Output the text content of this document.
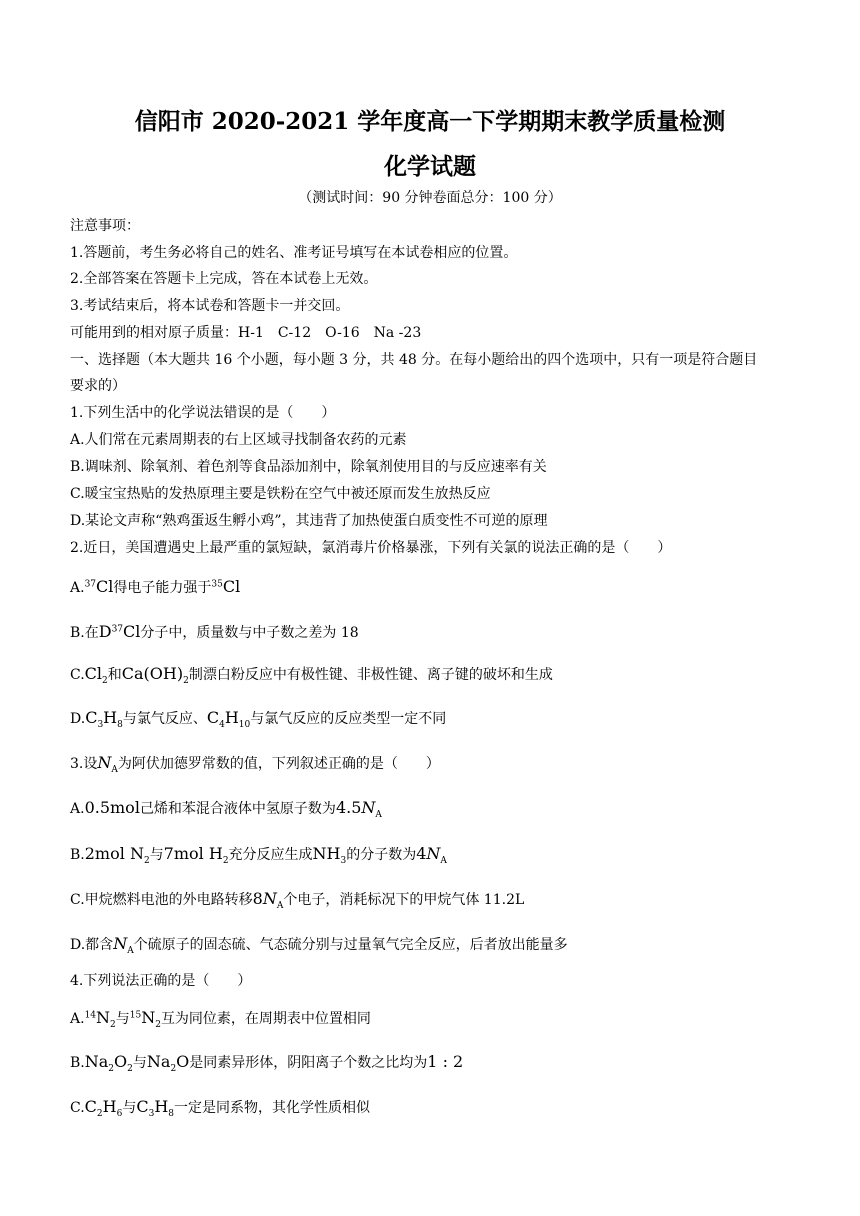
信阳市 2020-2021 学年度高一下学期期末教学质量检测
化学试题
（测试时间：90 分钟卷面总分：100 分）
注意事项：
1.答题前，考生务必将自己的姓名、准考证号填写在本试卷相应的位置。
2.全部答案在答题卡上完成，答在本试卷上无效。
3.考试结束后，将本试卷和答题卡一并交回。
可能用到的相对原子质量：H-1　C-12　O-16　Na -23
一、选择题（本大题共 16 个小题，每小题 3 分，共 48 分。在每小题给出的四个选项中，只有一项是符合题目
要求的）
1.下列生活中的化学说法错误的是（　　）
A.人们常在元素周期表的右上区域寻找制备农药的元素
B.调味剂、除氧剂、着色剂等食品添加剂中，除氧剂使用目的与反应速率有关
C.暖宝宝热贴的发热原理主要是铁粉在空气中被还原而发生放热反应
D.某论文声称“熟鸡蛋返生孵小鸡”，其违背了加热使蛋白质变性不可逆的原理
2.近日，美国遭遇史上最严重的氯短缺，氯消毒片价格暴涨，下列有关氯的说法正确的是（　　）
A.$^{37}$Cl得电子能力强于$^{35}$Cl
B.在$D^{37}Cl$分子中，质量数与中子数之差为 18
$C.Cl_2$和$Ca(OH)_2$制漂白粉反应中有极性键、非极性键、离子键的破坏和生成
$D.C_3H_8$与氯气反应、$C_4H_{10}$与氯气反应的反应类型一定不同
3.设$N_A$为阿伏加德罗常数的值，下列叙述正确的是（　　）
A.0.5mol己烯和苯混合液体中氢原子数为$4.5N_A$
B.2mol $N_2$与7mol $H_2$充分反应生成$NH_3$的分子数为$4N_A$
C.甲烷燃料电池的外电路转移$8N_A$个电子，消耗标况下的甲烷气体 11.2L
D.都含$N_A$个硫原子的固态硫、气态硫分别与过量氧气完全反应，后者放出能量多
4.下列说法正确的是（　　）
$A.^{14}N_2$与$^{15}N_2$互为同位素，在周期表中位置相同
$B.Na_2O_2$与$Na_2O$是同素异形体，阴阳离子个数之比均为1 : 2
$C.C_2H_6$与$C_3H_8$一定是同系物，其化学性质相似
